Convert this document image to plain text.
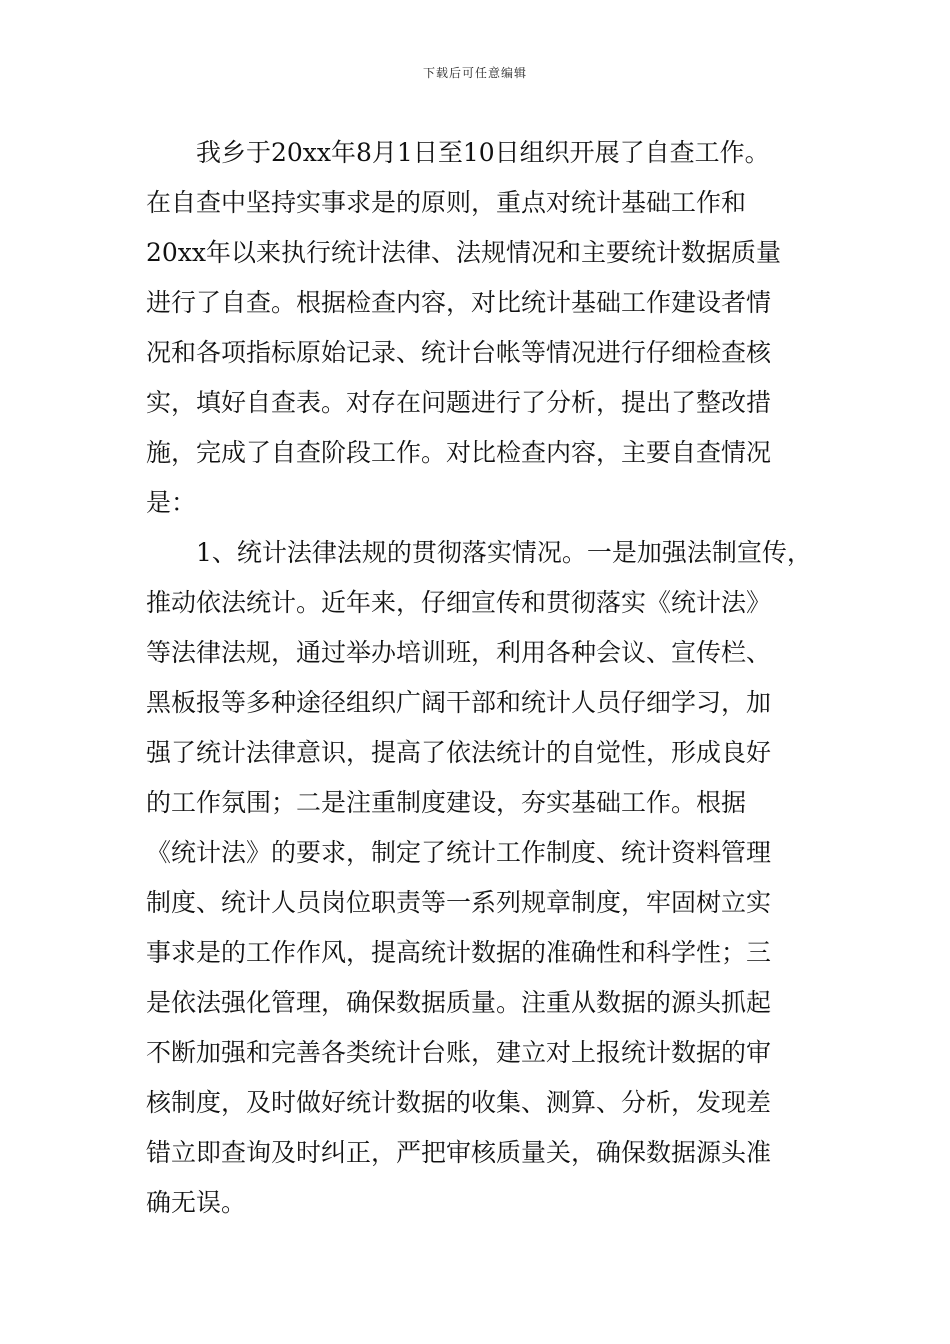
下载后可任意编辑
我乡于20xx年8月1日至10日组织开展了自查工作。
在自查中坚持实事求是的原则，重点对统计基础工作和
20xx年以来执行统计法律、法规情况和主要统计数据质量
进行了自查。根据检查内容，对比统计基础工作建设者情
况和各项指标原始记录、统计台帐等情况进行仔细检查核
实，填好自查表。对存在问题进行了分析，提出了整改措
施，完成了自查阶段工作。对比检查内容，主要自查情况
是：
1、统计法律法规的贯彻落实情况。一是加强法制宣传，
推动依法统计。近年来，仔细宣传和贯彻落实《统计法》
等法律法规，通过举办培训班，利用各种会议、宣传栏、
黑板报等多种途径组织广阔干部和统计人员仔细学习，加
强了统计法律意识，提高了依法统计的自觉性，形成良好
的工作氛围；二是注重制度建设，夯实基础工作。根据
《统计法》的要求，制定了统计工作制度、统计资料管理
制度、统计人员岗位职责等一系列规章制度，牢固树立实
事求是的工作作风，提高统计数据的准确性和科学性；三
是依法强化管理，确保数据质量。注重从数据的源头抓起
不断加强和完善各类统计台账，建立对上报统计数据的审
核制度，及时做好统计数据的收集、测算、分析，发现差
错立即查询及时纠正，严把审核质量关，确保数据源头准
确无误。
